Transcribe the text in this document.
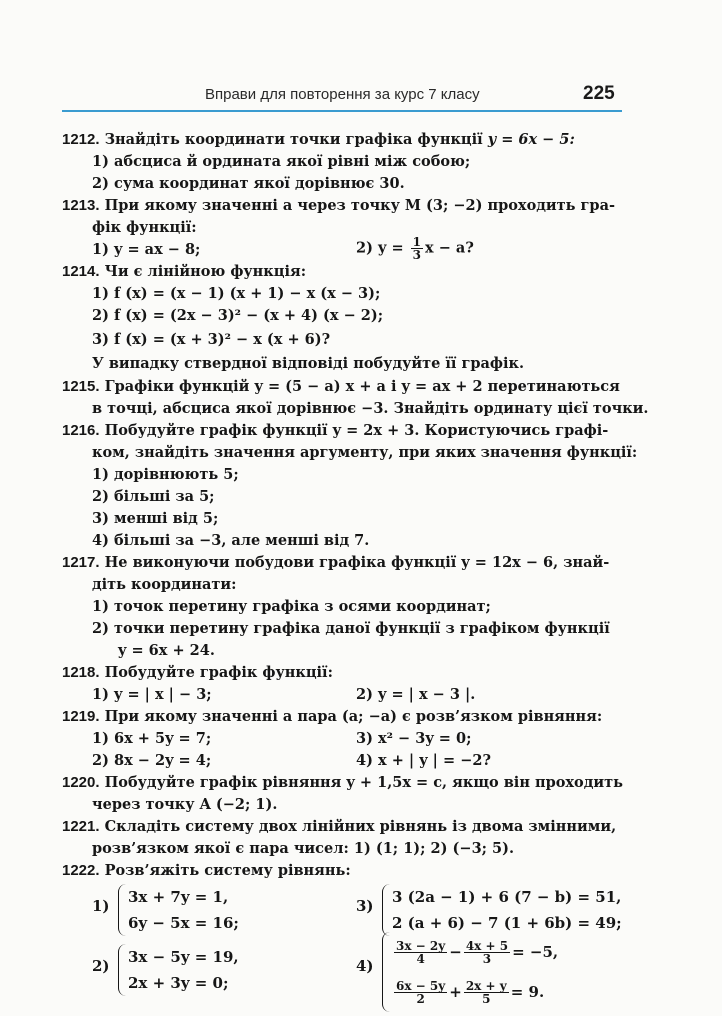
Вправи для повторення за курс 7 класу	225
1212. Знайдіть координати точки графіка функції y = 6x − 5:
1) абсциса й ордината якої рівні між собою;
2) сума координат якої дорівнює 30.
1213. При якому значенні a через точку M (3; −2) проходить гра-
фік функції:
1) y = ax − 8;	2) $y = \frac{1}{3}$ x − a?
1214. Чи є лінійною функція:
1) f (x) = (x − 1) (x + 1) − x (x − 3);
2) f (x) = (2x − 3)² − (x + 4) (x − 2);
3) f (x) = (x + 3)² − x (x + 6)?
У випадку ствердної відповіді побудуйте її графік.
1215. Графіки функцій y = (5 − a) x + a і y = ax + 2 перетинаються
в точці, абсциса якої дорівнює −3. Знайдіть ординату цієї точки.
1216. Побудуйте графік функції y = 2x + 3. Користуючись графі-
ком, знайдіть значення аргументу, при яких значення функції:
1) дорівнюють 5;
2) більші за 5;
3) менші від 5;
4) більші за −3, але менші від 7.
1217. Не виконуючи побудови графіка функції y = 12x − 6, знай-
діть координати:
1) точок перетину графіка з осями координат;
2) точки перетину графіка даної функції з графіком функції
y = 6x + 24.
1218. Побудуйте графік функції:
1) y = | x | − 3;	2) y = | x − 3 |.
1219. При якому значенні a пара (a; −a) є розв’язком рівняння:
1) 6x + 5y = 7;	3) x² − 3y = 0;
2) 8x − 2y = 4;	4) x + | y | = −2?
1220. Побудуйте графік рівняння y + 1,5x = c, якщо він проходить
через точку A (−2; 1).
1221. Складіть систему двох лінійних рівнянь із двома змінними,
розв’язком якої є пара чисел: 1) (1; 1); 2) (−3; 5).
1222. Розв’яжіть систему рівнянь:
1) 3x + 7y = 1,
6y − 5x = 16;
3) 3 (2a − 1) + 6 (7 − b) = 51,
2 (a + 6) − 7 (1 + 6b) = 49;
2) 3x − 5y = 19,
2x + 3y = 0;
4)
$\frac{3x - 2y}{4} - \frac{4x + 5}{3} = -5$,
$\frac{6x - 5y}{2} + \frac{2x + y}{5} = 9$.
